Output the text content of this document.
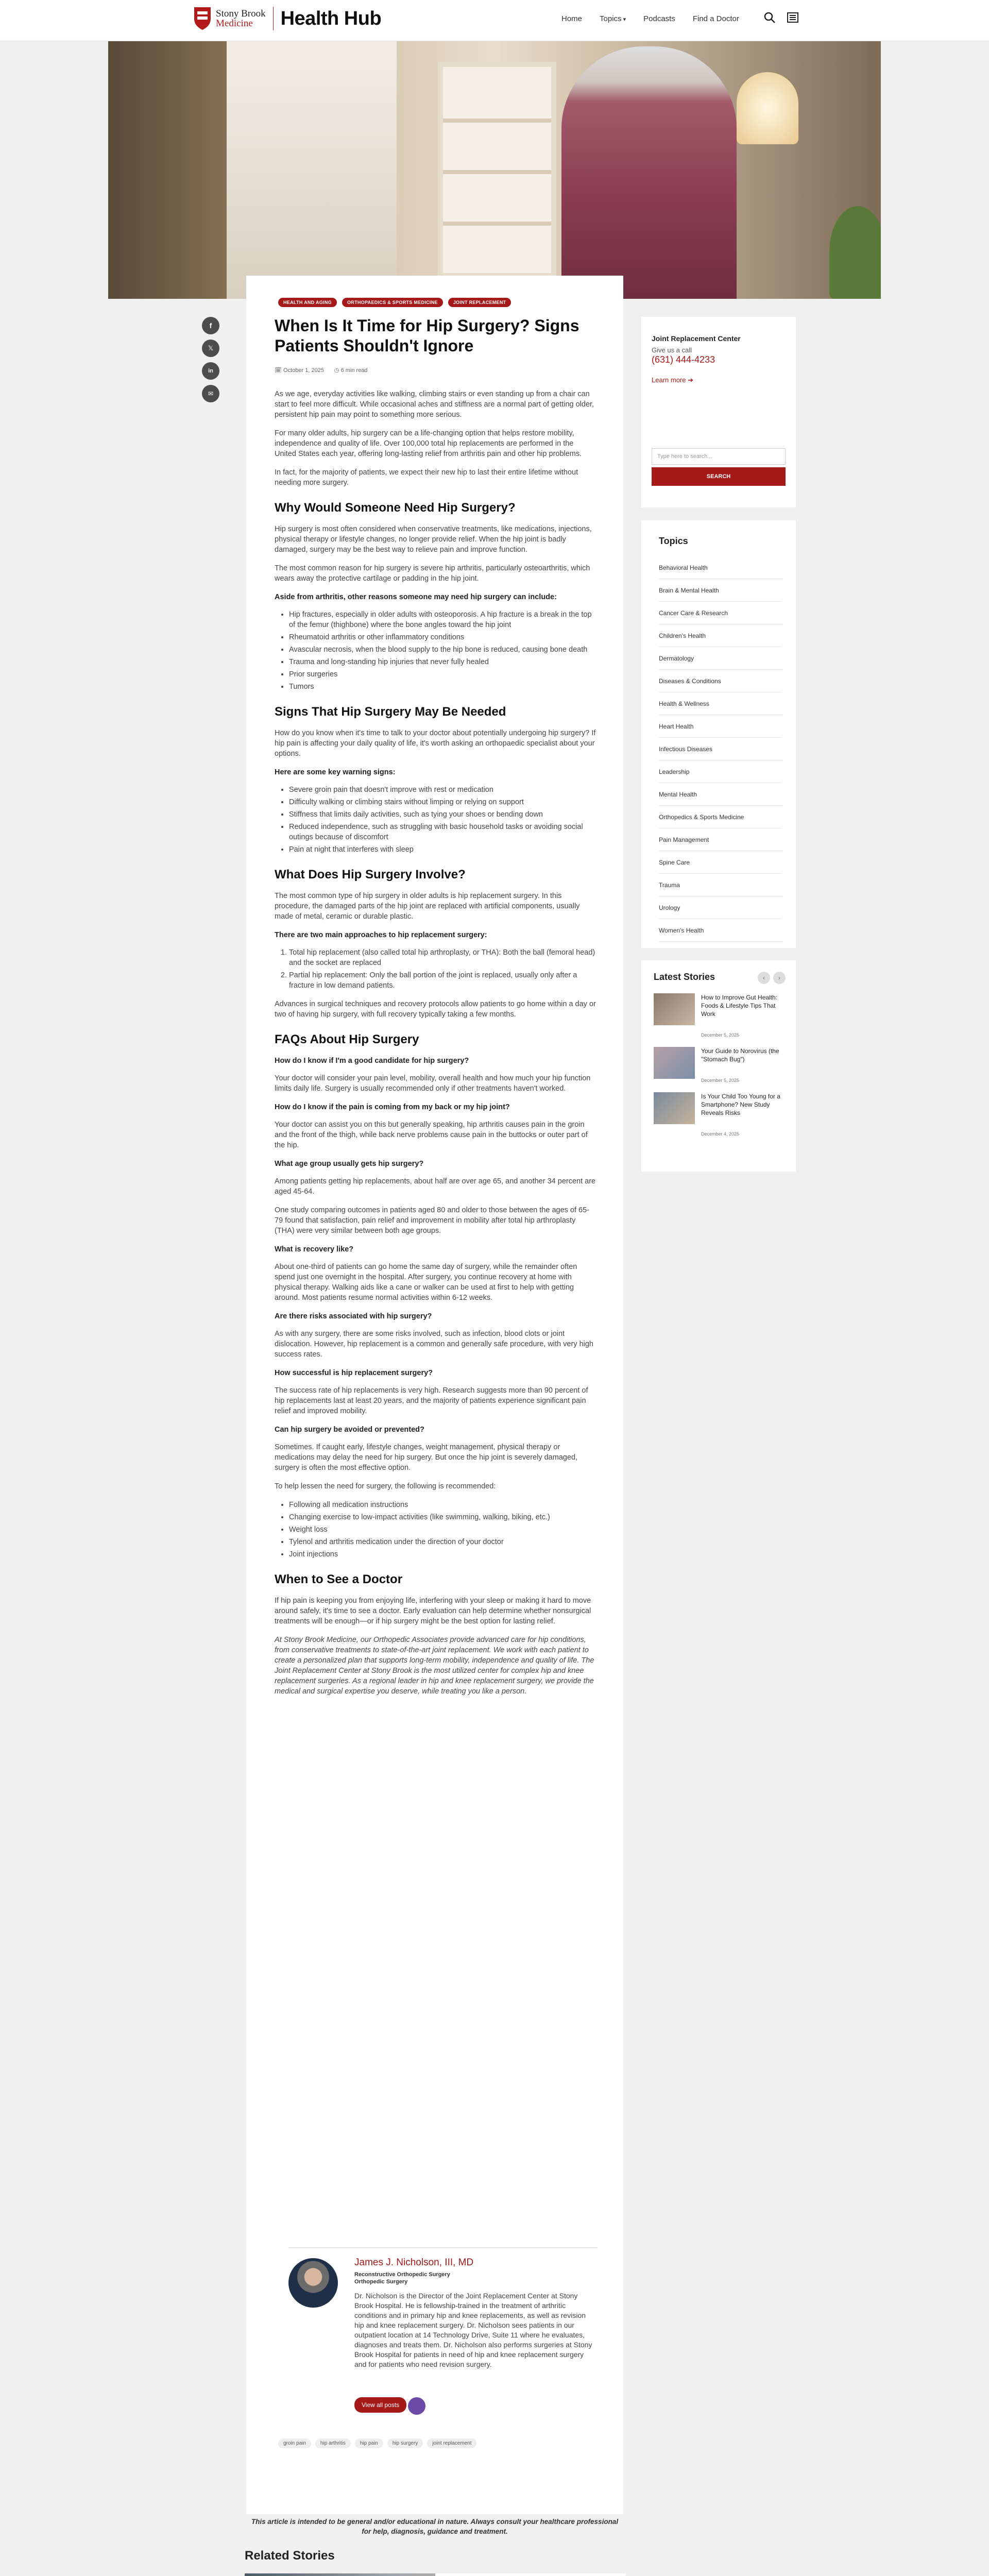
Stony Brook
Medicine	Health Hub	Home Topics ▾	Podcasts Find a Doctor
f
𝕏
in
✉
HEALTH AND AGING	ORTHOPAEDICS & SPORTS MEDICINE	JOINT REPLACEMENT
When Is It Time for Hip Surgery? Signs Patients Shouldn't Ignore
🗓 October 1, 2025 ◷ 6 min read

As we age, everyday activities like walking, climbing stairs or even standing up from a chair can start to feel more difficult. While occasional aches and stiffness are a normal part of getting older, persistent hip pain may point to something more serious.

For many older adults, hip surgery can be a life-changing option that helps restore mobility, independence and quality of life. Over 100,000 total hip replacements are performed in the United States each year, offering long-lasting relief from arthritis pain and other hip problems.

In fact, for the majority of patients, we expect their new hip to last their entire lifetime without needing more surgery.

Why Would Someone Need Hip Surgery?

Hip surgery is most often considered when conservative treatments, like medications, injections, physical therapy or lifestyle changes, no longer provide relief. When the hip joint is badly damaged, surgery may be the best way to relieve pain and improve function.

The most common reason for hip surgery is severe hip arthritis, particularly osteoarthritis, which wears away the protective cartilage or padding in the hip joint.

Aside from arthritis, other reasons someone may need hip surgery can include:
• Hip fractures, especially in older adults with osteoporosis. A hip fracture is a break in the top of the femur (thighbone) where the bone angles toward the hip joint
• Rheumatoid arthritis or other inflammatory conditions
• Avascular necrosis, when the blood supply to the hip bone is reduced, causing bone death
• Trauma and long-standing hip injuries that never fully healed
• Prior surgeries
• Tumors
Signs That Hip Surgery May Be Needed

How do you know when it's time to talk to your doctor about potentially undergoing hip surgery? If hip pain is affecting your daily quality of life, it's worth asking an orthopaedic specialist about your options.

Here are some key warning signs:
• Severe groin pain that doesn't improve with rest or medication
• Difficulty walking or climbing stairs without limping or relying on support
• Stiffness that limits daily activities, such as tying your shoes or bending down
• Reduced independence, such as struggling with basic household tasks or avoiding social outings because of discomfort
• Pain at night that interferes with sleep
What Does Hip Surgery Involve?

The most common type of hip surgery in older adults is hip replacement surgery. In this procedure, the damaged parts of the hip joint are replaced with artificial components, usually made of metal, ceramic or durable plastic.

There are two main approaches to hip replacement surgery:
1. Total hip replacement (also called total hip arthroplasty, or THA): Both the ball (femoral head) and the socket are replaced
2. Partial hip replacement: Only the ball portion of the joint is replaced, usually only after a fracture in low demand patients.

Advances in surgical techniques and recovery protocols allow patients to go home within a day or two of having hip surgery, with full recovery typically taking a few months.

FAQs About Hip Surgery
How do I know if I'm a good candidate for hip surgery?

Your doctor will consider your pain level, mobility, overall health and how much your hip function limits daily life. Surgery is usually recommended only if other treatments haven't worked.

How do I know if the pain is coming from my back or my hip joint?

Your doctor can assist you on this but generally speaking, hip arthritis causes pain in the groin and the front of the thigh, while back nerve problems cause pain in the buttocks or outer part of the hip.

What age group usually gets hip surgery?

Among patients getting hip replacements, about half are over age 65, and another 34 percent are aged 45-64.

One study comparing outcomes in patients aged 80 and older to those between the ages of 65-79 found that satisfaction, pain relief and improvement in mobility after total hip arthroplasty (THA) were very similar between both age groups.

What is recovery like?

About one-third of patients can go home the same day of surgery, while the remainder often spend just one overnight in the hospital. After surgery, you continue recovery at home with physical therapy. Walking aids like a cane or walker can be used at first to help with getting around. Most patients resume normal activities within 6-12 weeks.

Are there risks associated with hip surgery?

As with any surgery, there are some risks involved, such as infection, blood clots or joint dislocation. However, hip replacement is a common and generally safe procedure, with very high success rates.

How successful is hip replacement surgery?

The success rate of hip replacements is very high. Research suggests more than 90 percent of hip replacements last at least 20 years, and the majority of patients experience significant pain relief and improved mobility.

Can hip surgery be avoided or prevented?

Sometimes. If caught early, lifestyle changes, weight management, physical therapy or medications may delay the need for hip surgery. But once the hip joint is severely damaged, surgery is often the most effective option.

To help lessen the need for surgery, the following is recommended:

• Following all medication instructions
• Changing exercise to low-impact activities (like swimming, walking, biking, etc.)
• Weight loss
• Tylenol and arthritis medication under the direction of your doctor
• Joint injections
When to See a Doctor

If hip pain is keeping you from enjoying life, interfering with your sleep or making it hard to move around safely, it's time to see a doctor. Early evaluation can help determine whether nonsurgical treatments will be enough—or if hip surgery might be the best option for lasting relief.

At Stony Brook Medicine, our Orthopedic Associates provide advanced care for hip conditions, from conservative treatments to state-of-the-art joint replacement. We work with each patient to create a personalized plan that supports long-term mobility, independence and quality of life. The Joint Replacement Center at Stony Brook is the most utilized center for complex hip and knee replacement surgeries. As a regional leader in hip and knee replacement surgery, we provide the medical and surgical expertise you deserve, while treating you like a person.

James J. Nicholson, III, MD
Reconstructive Orthopedic Surgery
Orthopedic Surgery
Dr. Nicholson is the Director of the Joint Replacement Center at Stony Brook Hospital. He is fellowship-trained in the treatment of arthritic conditions and in primary hip and knee replacements, as well as revision hip and knee replacement surgery. Dr. Nicholson sees patients in our outpatient location at 14 Technology Drive, Suite 11 where he evaluates, diagnoses and treats them. Dr. Nicholson also performs surgeries at Stony Brook Hospital for patients in need of hip and knee replacement surgery and for patients who need revision surgery.
View all posts
groin pain	hip arthritis	hip pain	hip surgery	joint replacement
This article is intended to be general and/or educational in nature. Always consult your healthcare professional for help, diagnosis, guidance and treatment.
Joint Replacement Center
Give us a call
(631) 444-4233
Learn more ➔
Type here to search...
SEARCH
Topics
Behavioral Health
Brain & Mental Health
Cancer Care & Research
Children's Health
Dermatology
Diseases & Conditions
Health & Wellness
Heart Health
Infectious Diseases
Leadership
Mental Health
Orthopedics & Sports Medicine
Pain Management
Spine Care
Trauma
Urology
Women's Health
Latest Stories	‹	›
How to Improve Gut Health: Foods & Lifestyle Tips That Work
December 5, 2025
Your Guide to Norovirus (the "Stomach Bug")
December 5, 2025
Is Your Child Too Young for a Smartphone? New Study Reveals Risks
December 4, 2025
Related Stories
